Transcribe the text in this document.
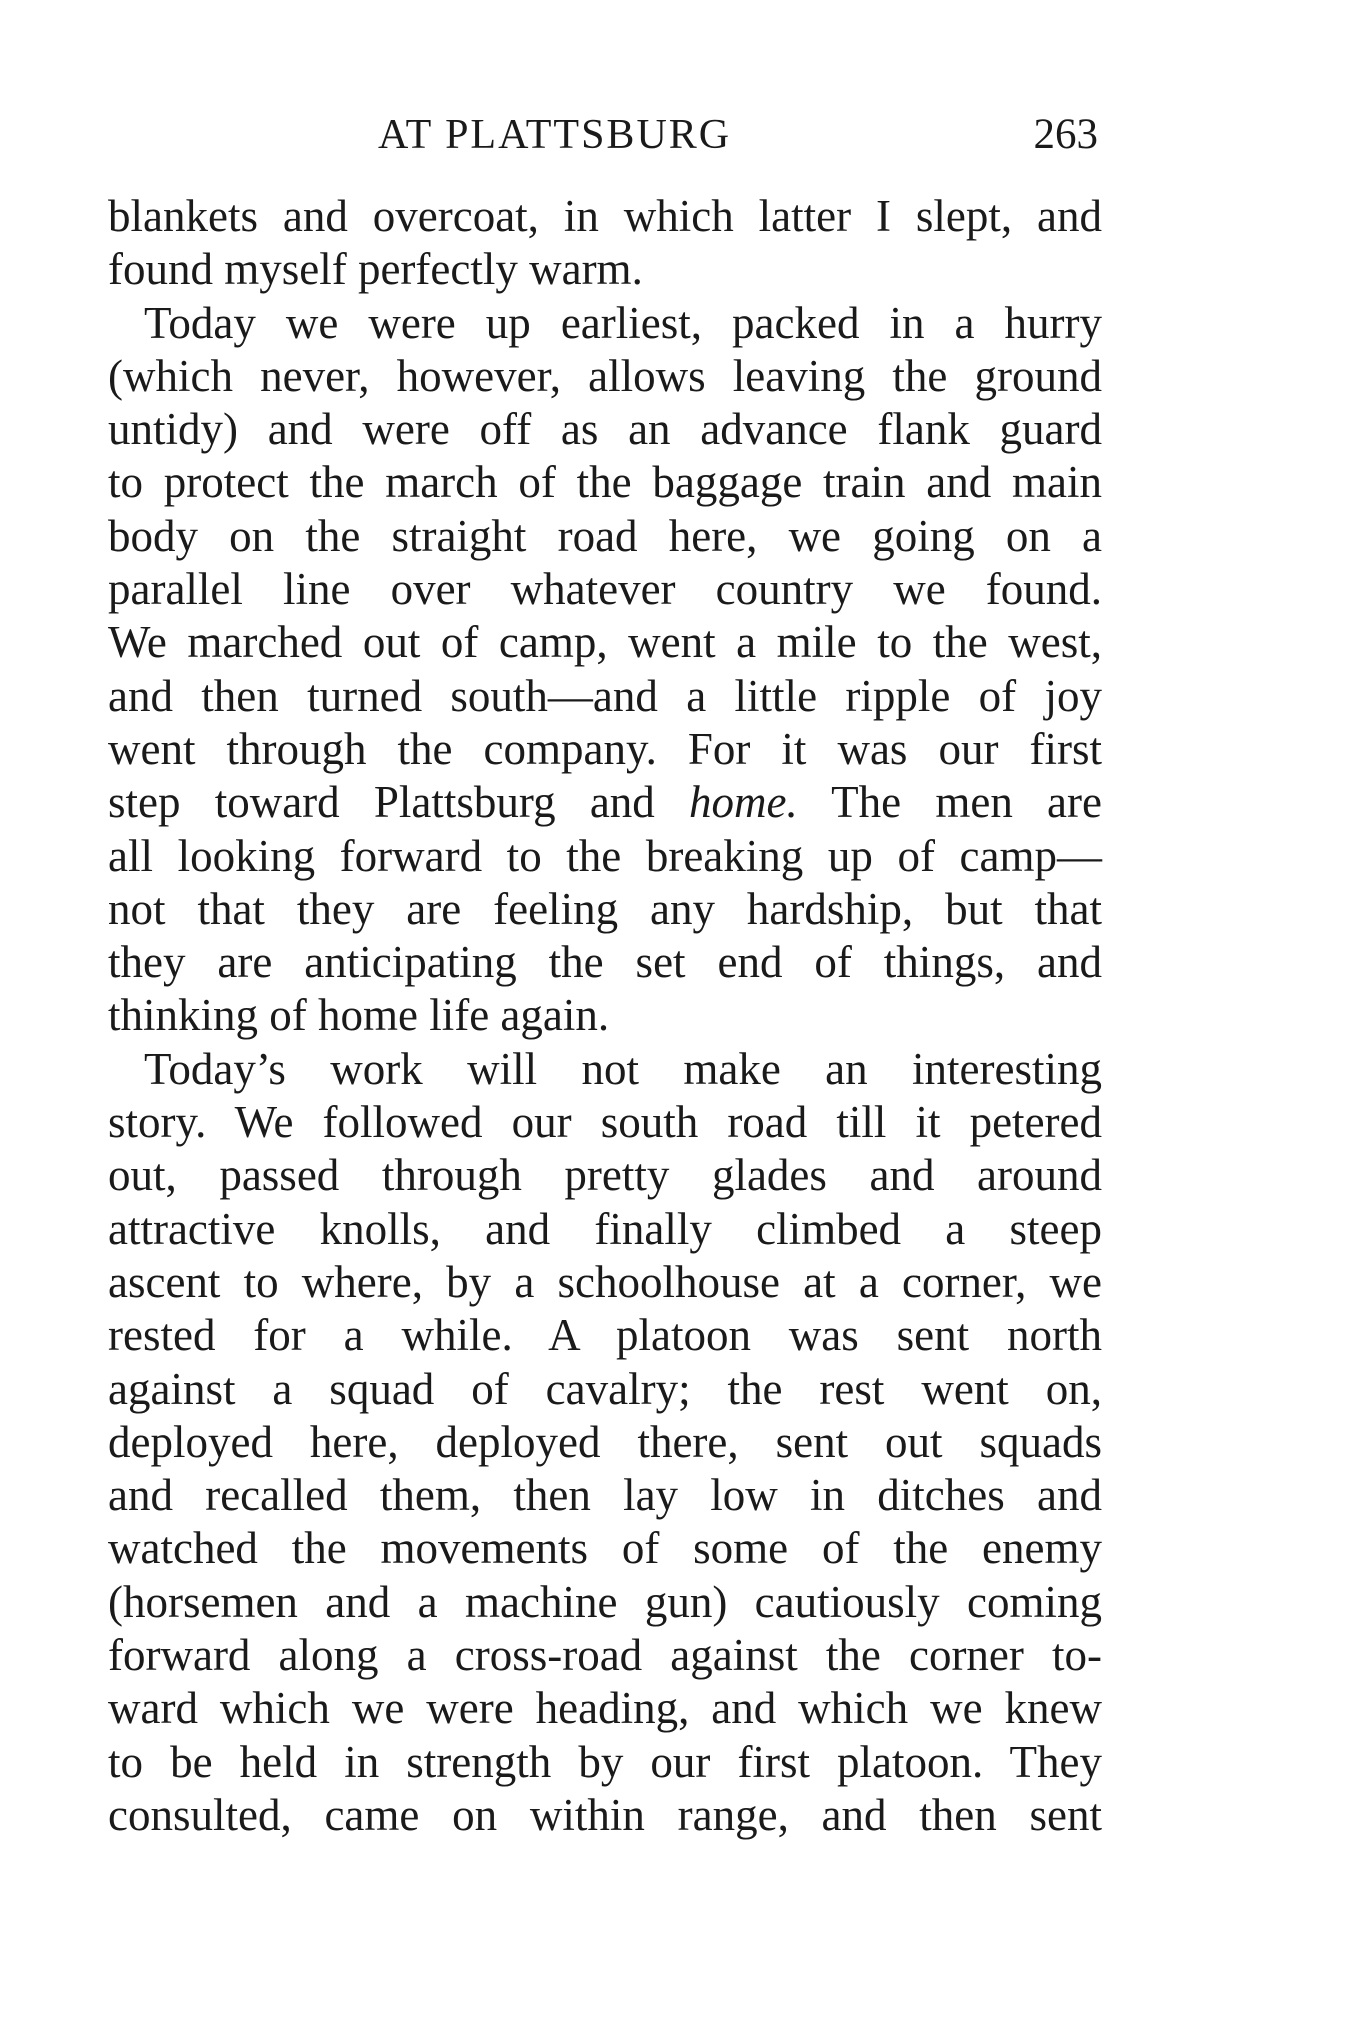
AT PLATTSBURG	263
blankets and overcoat, in which latter I slept, and
found myself perfectly warm.
Today we were up earliest, packed in a hurry
(which never, however, allows leaving the ground
untidy) and were off as an advance flank guard
to protect the march of the baggage train and main
body on the straight road here, we going on a
parallel line over whatever country we found.
We marched out of camp, went a mile to the west,
and then turned south—and a little ripple of joy
went through the company. For it was our first
step toward Plattsburg and home. The men are
all looking forward to the breaking up of camp—
not that they are feeling any hardship, but that
they are anticipating the set end of things, and
thinking of home life again.
Today’s work will not make an interesting
story. We followed our south road till it petered
out, passed through pretty glades and around
attractive knolls, and finally climbed a steep
ascent to where, by a schoolhouse at a corner, we
rested for a while. A platoon was sent north
against a squad of cavalry; the rest went on,
deployed here, deployed there, sent out squads
and recalled them, then lay low in ditches and
watched the movements of some of the enemy
(horsemen and a machine gun) cautiously coming
forward along a cross-road against the corner to-
ward which we were heading, and which we knew
to be held in strength by our first platoon. They
consulted, came on within range, and then sent
